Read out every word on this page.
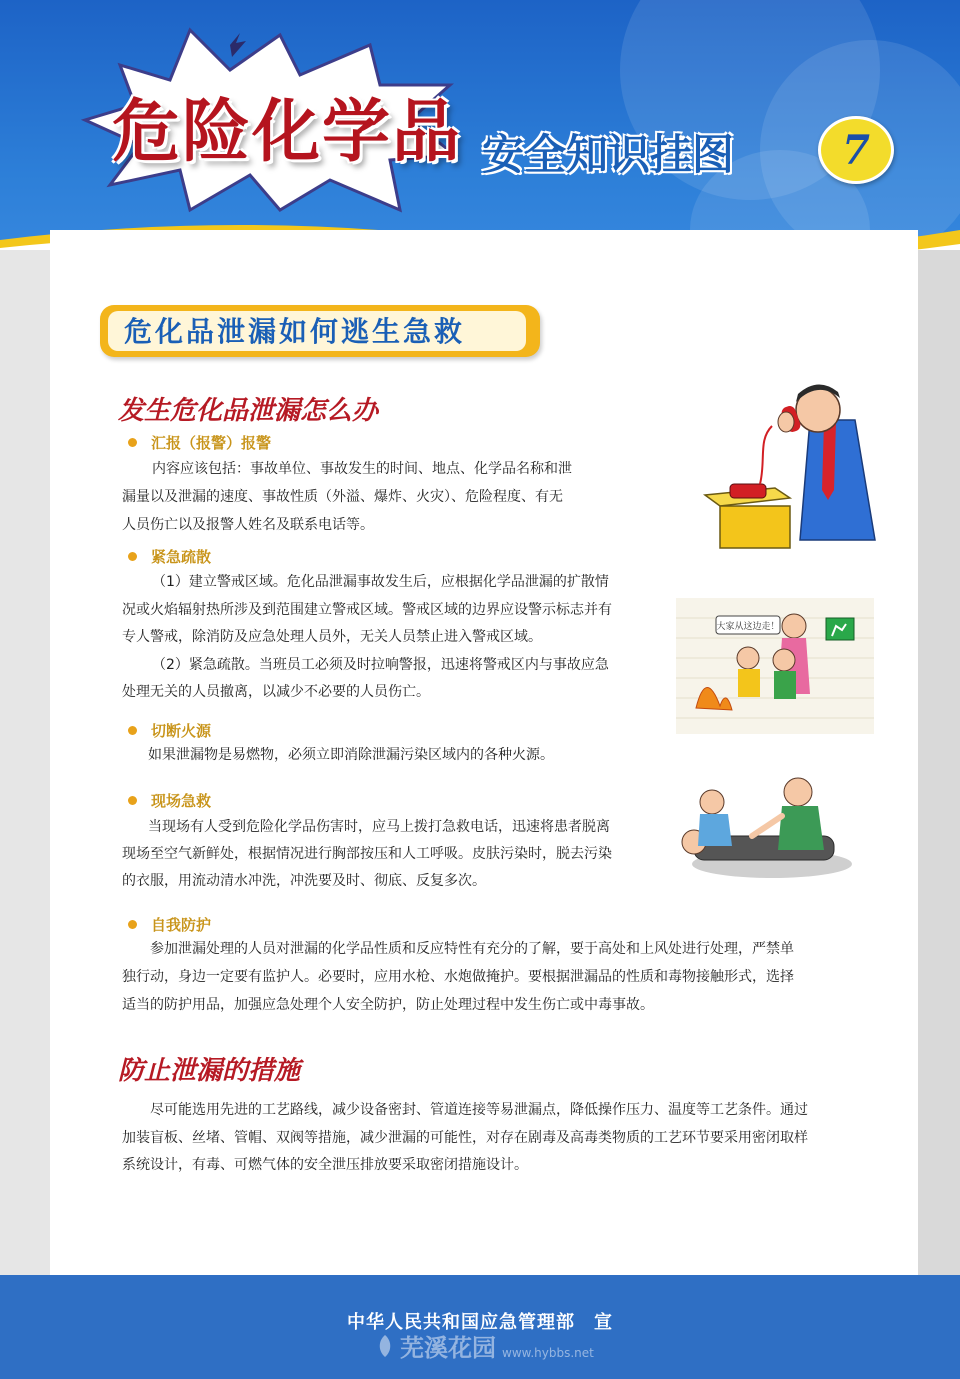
危险化学品 安全知识挂图	7

危化品泄漏如何逃生急救

发生危化品泄漏怎么办
汇报（报警）报警

内容应该包括：事故单位、事故发生的时间、地点、化学品名称和泄

漏量以及泄漏的速度、事故性质（外溢、爆炸、火灾）、危险程度、有无

人员伤亡以及报警人姓名及联系电话等。

紧急疏散

（1）建立警戒区域。危化品泄漏事故发生后，应根据化学品泄漏的扩散情

况或火焰辐射热所涉及到范围建立警戒区域。警戒区域的边界应设警示标志并有

专人警戒，除消防及应急处理人员外，无关人员禁止进入警戒区域。

（2）紧急疏散。当班员工必须及时拉响警报，迅速将警戒区内与事故应急

处理无关的人员撤离，以减少不必要的人员伤亡。

切断火源

如果泄漏物是易燃物，必须立即消除泄漏污染区域内的各种火源。

现场急救

当现场有人受到危险化学品伤害时，应马上拨打急救电话，迅速将患者脱离

现场至空气新鲜处，根据情况进行胸部按压和人工呼吸。皮肤污染时，脱去污染

的衣服，用流动清水冲洗，冲洗要及时、彻底、反复多次。

自我防护

参加泄漏处理的人员对泄漏的化学品性质和反应特性有充分的了解，要于高处和上风处进行处理，严禁单

独行动，身边一定要有监护人。必要时，应用水枪、水炮做掩护。要根据泄漏品的性质和毒物接触形式，选择

适当的防护用品，加强应急处理个人安全防护，防止处理过程中发生伤亡或中毒事故。

防止泄漏的措施

尽可能选用先进的工艺路线，减少设备密封、管道连接等易泄漏点，降低操作压力、温度等工艺条件。通过

加装盲板、丝堵、管帽、双阀等措施，减少泄漏的可能性，对存在剧毒及高毒类物质的工艺环节要采用密闭取样

系统设计，有毒、可燃气体的安全泄压排放要采取密闭措施设计。

大家从这边走！

中华人民共和国应急管理部　宣

芜溪花园 www.hybbs.net
